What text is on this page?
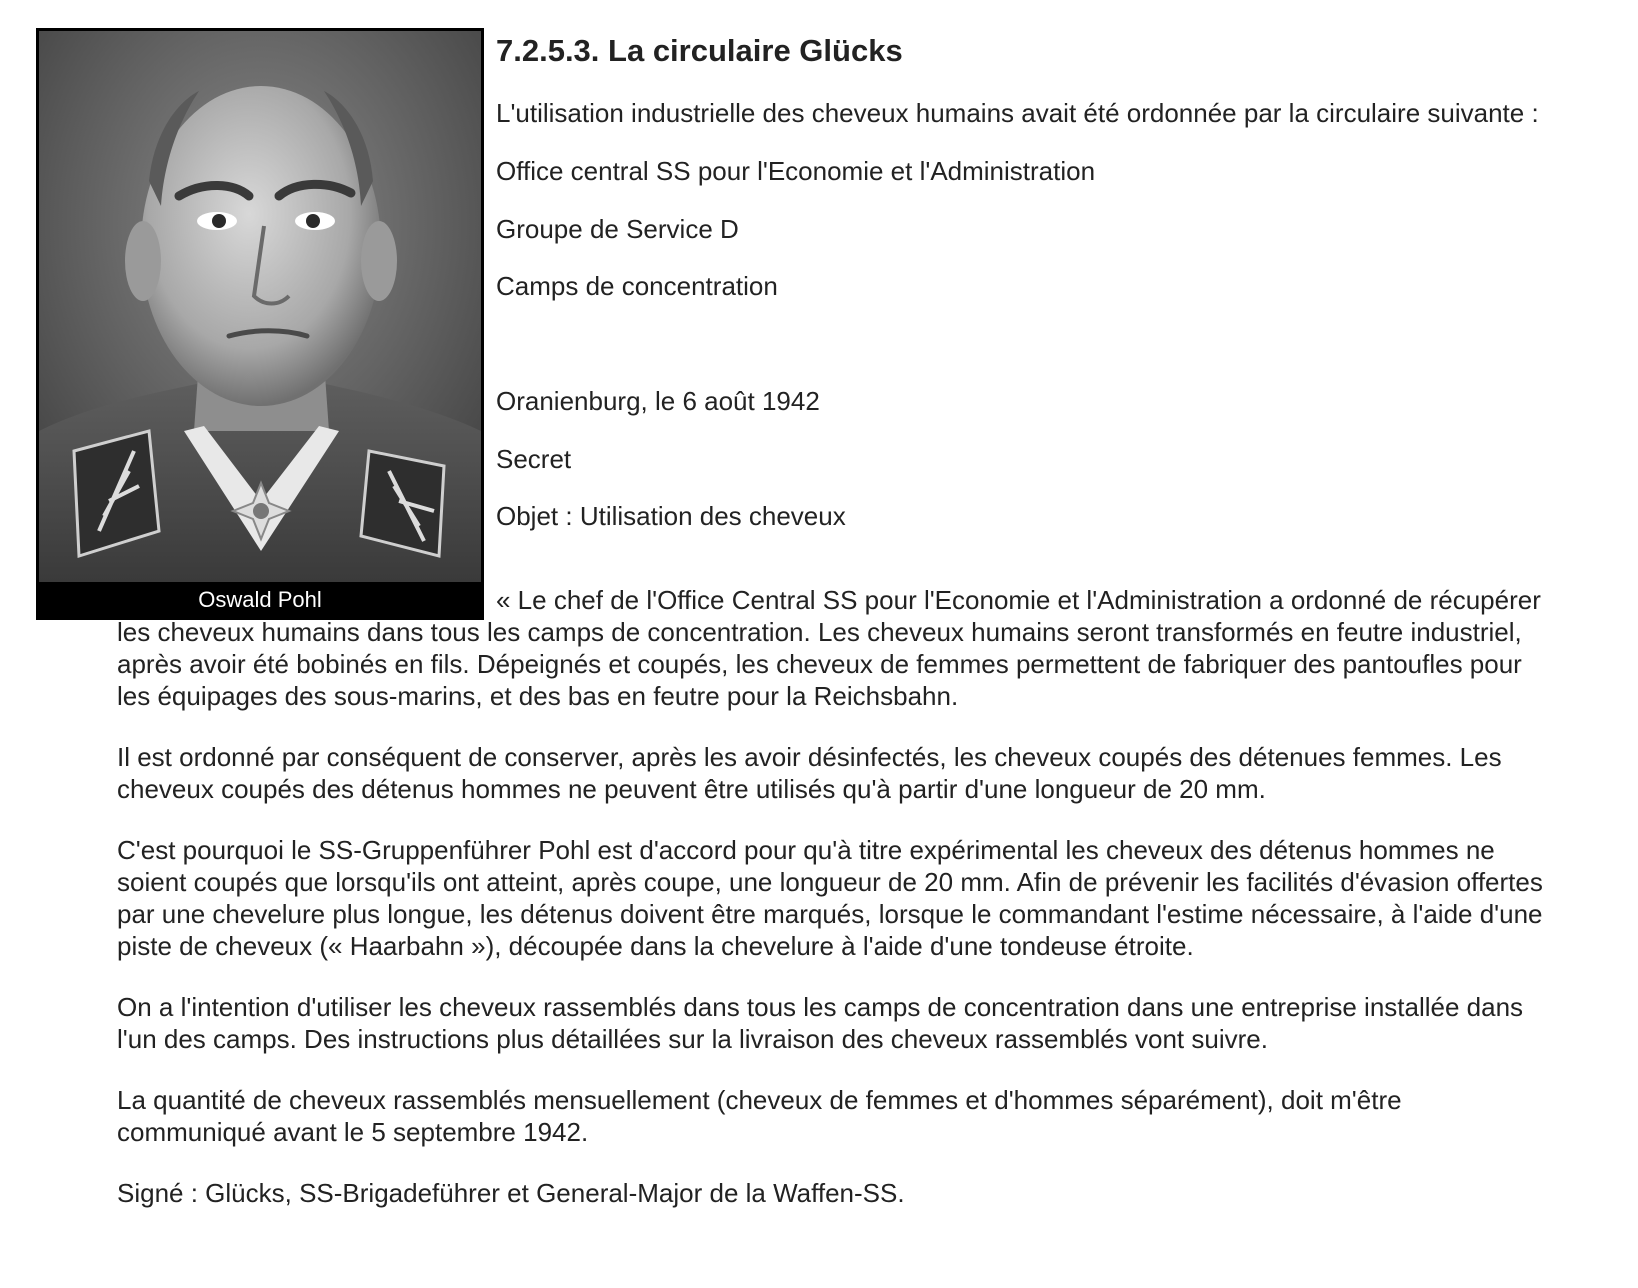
Oswald Pohl
7.2.5.3. La circulaire Glücks

L'utilisation industrielle des cheveux humains avait été ordonnée par la circulaire suivante :

Office central SS pour l'Economie et l'Administration

Groupe de Service D

Camps de concentration

Oranienburg, le 6 août 1942

Secret

Objet : Utilisation des cheveux

« Le chef de l'Office Central SS pour l'Economie et l'Administration a ordonné de récupérer les cheveux humains dans tous les camps de concentration. Les cheveux humains seront transformés en feutre industriel, après avoir été bobinés en fils. Dépeignés et coupés, les cheveux de femmes permettent de fabriquer des pantoufles pour les équipages des sous-marins, et des bas en feutre pour la Reichsbahn.

Il est ordonné par conséquent de conserver, après les avoir désinfectés, les cheveux coupés des détenues femmes. Les cheveux coupés des détenus hommes ne peuvent être utilisés qu'à partir d'une longueur de 20 mm.

C'est pourquoi le SS-Gruppenführer Pohl est d'accord pour qu'à titre expérimental les cheveux des détenus hommes ne soient coupés que lorsqu'ils ont atteint, après coupe, une longueur de 20 mm. Afin de prévenir les facilités d'évasion offertes par une chevelure plus longue, les détenus doivent être marqués, lorsque le commandant l'estime nécessaire, à l'aide d'une piste de cheveux (« Haarbahn »), découpée dans la chevelure à l'aide d'une tondeuse étroite.

On a l'intention d'utiliser les cheveux rassemblés dans tous les camps de concentration dans une entreprise installée dans l'un des camps. Des instructions plus détaillées sur la livraison des cheveux rassemblés vont suivre.

La quantité de cheveux rassemblés mensuellement (cheveux de femmes et d'hommes séparément), doit m'être communiqué avant le 5 septembre 1942.

Signé : Glücks, SS-Brigadeführer et General-Major de la Waffen-SS.
